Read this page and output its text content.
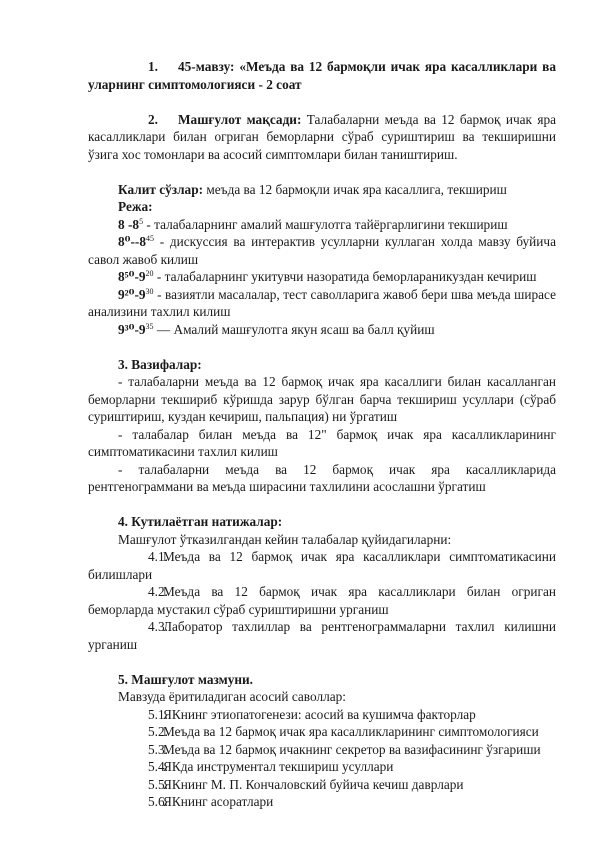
1. 45-мавзу: «Меъда ва 12 бармоқли ичак яра касалликлари ва уларнинг симптомологияси - 2 соат

2. Машғулот мақсади: Талабаларни меъда ва 12 бармоқ ичак яра касалликлари билан огриган беморларни сўраб суриштириш ва текширишни ўзига хос томонлари ва асосий симптомлари билан таништириш.

Калит сўзлар: меъда ва 12 бармоқли ичак яра касаллига, текшириш

Режа:

8 $-8^5$ - талабаларнинг амалий машғулотга тайёргарлигини текшириш

$8^0--8^{45}$ - дискуссия ва интерактив усулларни куллаган холда мавзу буйича савол жавоб килиш

$8^{50}-9^{20}$ - талабаларнинг укитувчи назоратида беморлараникуздан кечириш

$9^{20}-9^{30}$ - вазиятли масалалар, тест саволларига жавоб бери шва меъда ширасе анализини тахлил килиш

$9^{30}-9^{35}$ — Амалий машғулотга якун ясаш ва балл қуйиш

3. Вазифалар:

- талабаларни меъда ва 12 бармоқ ичак яра касаллиги билан касалланган беморларни текшириб кўришда зарур бўлган барча текшириш усуллари (сўраб суриштириш, куздан кечириш, пальпация) ни ўргатиш

- талабалар билан меъда ва 12" бармоқ ичак яра касалликларининг симптоматикасини тахлил килиш

- талабаларни меъда ва 12 бармоқ ичак яра касалликларида рентгенограммани ва меъда ширасини тахлилини асослашни ўргатиш

4. Кутилаётган натижалар:

Машғулот ўтказилгандан кейин талабалар қуйидагиларни:

4.1.Меъда ва 12 бармоқ ичак яра касалликлари симптоматикасини билишлари

4.2.Меъда ва 12 бармоқ ичак яра касалликлари билан огриган беморларда мустакил сўраб суриштиришни урганиш

4.3.Лаборатор тахлиллар ва рентгенограммаларни тахлил килишни урганиш

5. Машғулот мазмуни.

Мавзуда ёритиладиган асосий саволлар:

5.1.ЯКнинг этиопатогенези: асосий ва кушимча факторлар

5.2.Меъда ва 12 бармоқ ичак яра касалликларининг симптомологияси

5.3.Меъда ва 12 бармоқ ичакнинг секретор ва вазифасининг ўзгариши

5.4.ЯКда инструментал текшириш усуллари

5.5.ЯКнинг М. П. Кончаловский буйича кечиш даврлари

5.6.ЯКнинг асоратлари
